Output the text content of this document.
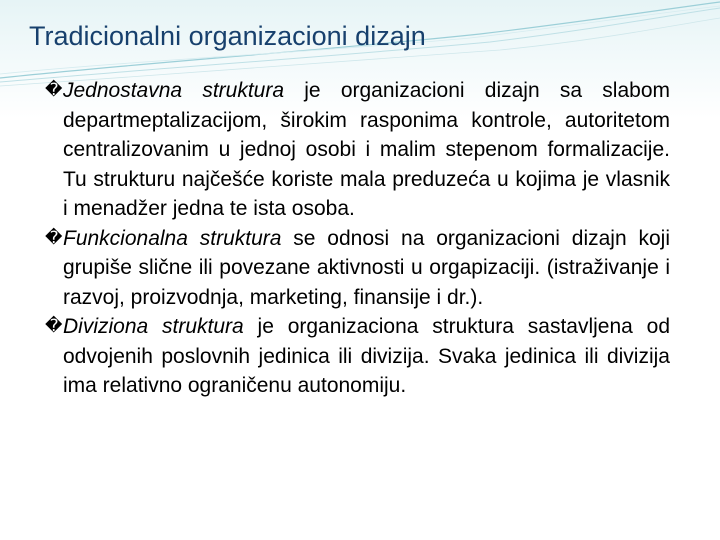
Tradicionalni organizacioni dizajn

� Jednostavna struktura je organizacioni dizajn sa slabom departmeptalizacijom, širokim rasponima kontrole, autoritetom centralizovanim u jednoj osobi i malim stepenom formalizacije. Tu strukturu najčešće koriste mala preduzeća u kojima je vlasnik i menadžer jedna te ista osoba.

� Funkcionalna struktura se odnosi na organizacioni dizajn koji grupiše slične ili povezane aktivnosti u orgapizaciji. (istraživanje i razvoj, proizvodnja, marketing, finansije i dr.).

� Diviziona struktura je organizaciona struktura sastavljena od odvojenih poslovnih jedinica ili divizija. Svaka jedinica ili divizija ima relativno ograničenu autonomiju.
